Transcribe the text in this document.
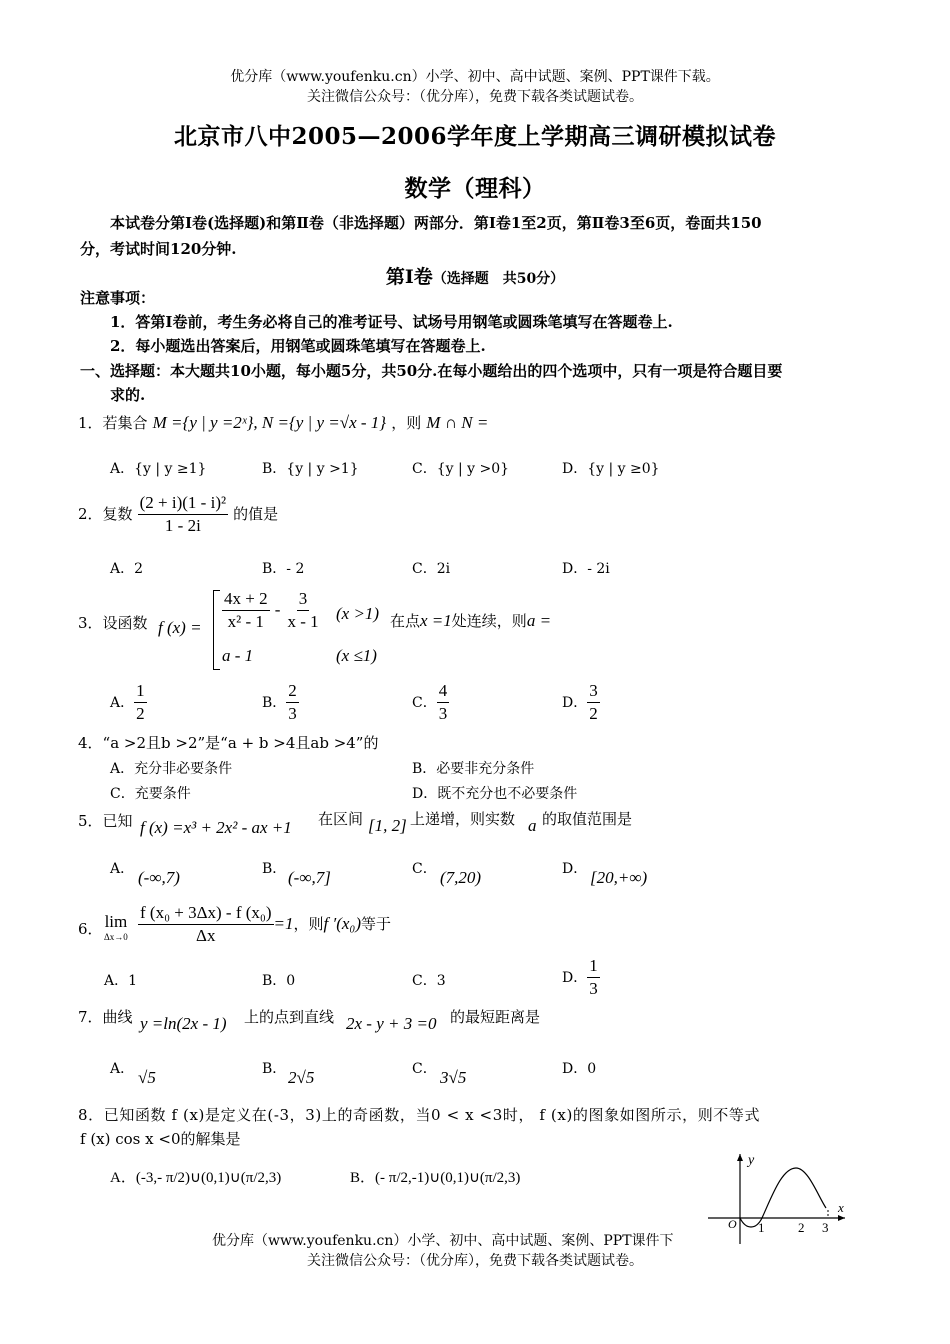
优分库（www.youfenku.cn）小学、初中、高中试题、案例、PPT课件下载。
关注微信公众号：（优分库），免费下载各类试题试卷。
北京市八中2005—2006学年度上学期高三调研模拟试卷
数学（理科）
本试卷分第Ⅰ卷(选择题)和第Ⅱ卷（非选择题）两部分．第Ⅰ卷1至2页，第Ⅱ卷3至6页，卷面共150
分，考试时间120分钟.
第Ⅰ卷（选择题　共50分）
注意事项：
1．答第Ⅰ卷前，考生务必将自己的准考证号、试场号用钢笔或圆珠笔填写在答题卷上.
2．每小题选出答案后，用钢笔或圆珠笔填写在答题卷上.
一、选择题：本大题共10小题，每小题5分，共50分.在每小题给出的四个选项中，只有一项是符合题目要
求的.
1．若集合 M ={y | y =2ˣ}, N ={y | y =√x - 1} ，则 M ∩ N =
A．{y | y ≥1}	B．{y | y >1}	C．{y | y >0}	D．{y | y ≥0}
2．复数 $\frac{\text{(2 + i)(1 - i)²}}{1 - 2i}$ 的值是
A．2	B．- 2	C．2i	D．- 2i
3．设函数 f $(x) = \frac{4x + 2}{\text{x² - 1}} - \frac{3}{x - 1} (x >1)$ 在点x =1处连续，则a =
a - 1	(x ≤1)
A． $\frac{1}{2}$	B． $\frac{2}{3}$	C． $\frac{4}{3}$	D． $\frac{3}{2}$
4．“a >2且b >2”是“a + b >4且ab >4”的
A．充分非必要条件	B．必要非充分条件
C．充要条件	D．既不充分也不必要条件
5．已知 f (x) =x³ + 2x² - ax +1 在区间 [1, 2] 上递增，则实数 a 的取值范围是
A． (-∞,7)	B． (-∞,7]	C． (7,20)	D． [20,+∞)
6． lim
$\Delta x\to 0 \frac{\text{f (x₀ + 3Δx) - f (x₀)}}{\Delta x} =1$，则f ′(x₀)等于
A．1	B．0	C．3	D． $\frac{1}{3}$
7．曲线 y =ln(2x - 1) 上的点到直线 2x - y + 3 =0 的最短距离是
A． √5	B． 2√5	C． 3√5	D．0
8．已知函数 f (x)是定义在(-3，3)上的奇函数，当0 < x <3时， f (x)的图象如图所示，则不等式
f (x) cos x <0的解集是
A．(-3,- π/2)∪(0,1)∪(π/2,3)	B．(- π/2,-1)∪(0,1)∪(π/2,3)
y
x
O 1	2 3
优分库（www.youfenku.cn）小学、初中、高中试题、案例、PPT课件下
关注微信公众号：（优分库），免费下载各类试题试卷。
